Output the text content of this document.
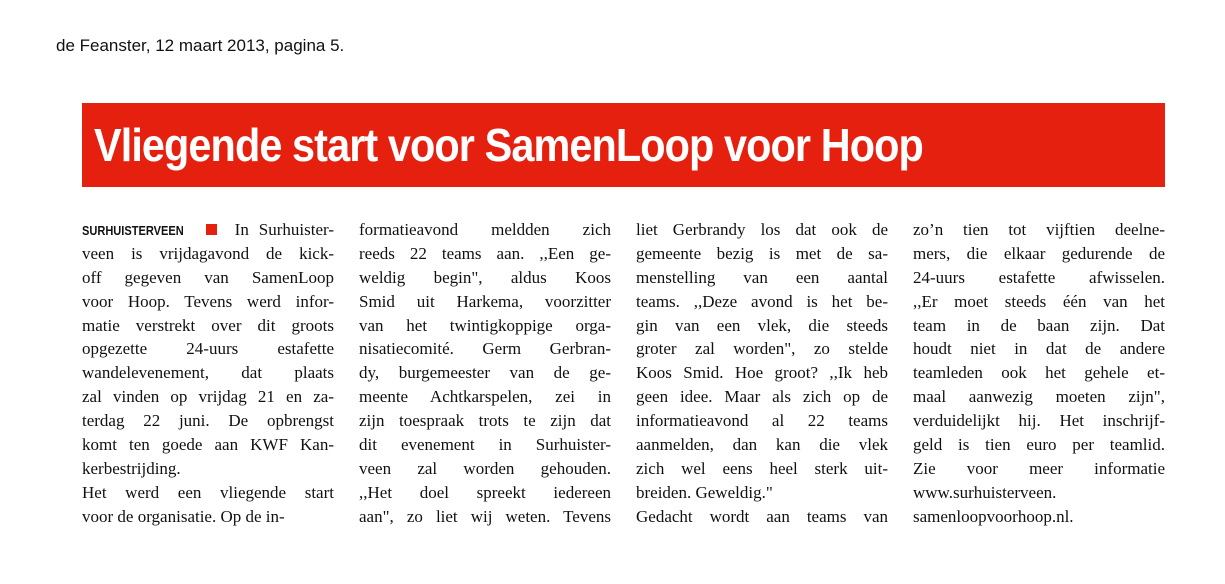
de Feanster, 12 maart 2013, pagina 5.
Vliegende start voor SamenLoop voor Hoop
SURHUISTERVEEN	In Surhuister-
veen is vrijdagavond de kick-
off gegeven van SamenLoop
voor Hoop. Tevens werd infor-
matie verstrekt over dit groots
opgezette 24-uurs estafette
wandelevenement, dat plaats
zal vinden op vrijdag 21 en za-
terdag 22 juni. De opbrengst
komt ten goede aan KWF Kan-
kerbestrijding.
Het werd een vliegende start
voor de organisatie. Op de in-
formatieavond meldden zich
reeds 22 teams aan. ,,Een ge-
weldig begin", aldus Koos
Smid uit Harkema, voorzitter
van het twintigkoppige orga-
nisatiecomité. Germ Gerbran-
dy, burgemeester van de ge-
meente Achtkarspelen, zei in
zijn toespraak trots te zijn dat
dit evenement in Surhuister-
veen zal worden gehouden.
,,Het doel spreekt iedereen
aan", zo liet wij weten. Tevens
liet Gerbrandy los dat ook de
gemeente bezig is met de sa-
menstelling van een aantal
teams. ,,Deze avond is het be-
gin van een vlek, die steeds
groter zal worden", zo stelde
Koos Smid. Hoe groot? ,,Ik heb
geen idee. Maar als zich op de
informatieavond al 22 teams
aanmelden, dan kan die vlek
zich wel eens heel sterk uit-
breiden. Geweldig."
Gedacht wordt aan teams van
zo’n tien tot vijftien deelne-
mers, die elkaar gedurende de
24-uurs estafette afwisselen.
,,Er moet steeds één van het
team in de baan zijn. Dat
houdt niet in dat de andere
teamleden ook het gehele et-
maal aanwezig moeten zijn",
verduidelijkt hij. Het inschrijf-
geld is tien euro per teamlid.
Zie voor meer informatie
www.surhuisterveen.
samenloopvoorhoop.nl.
